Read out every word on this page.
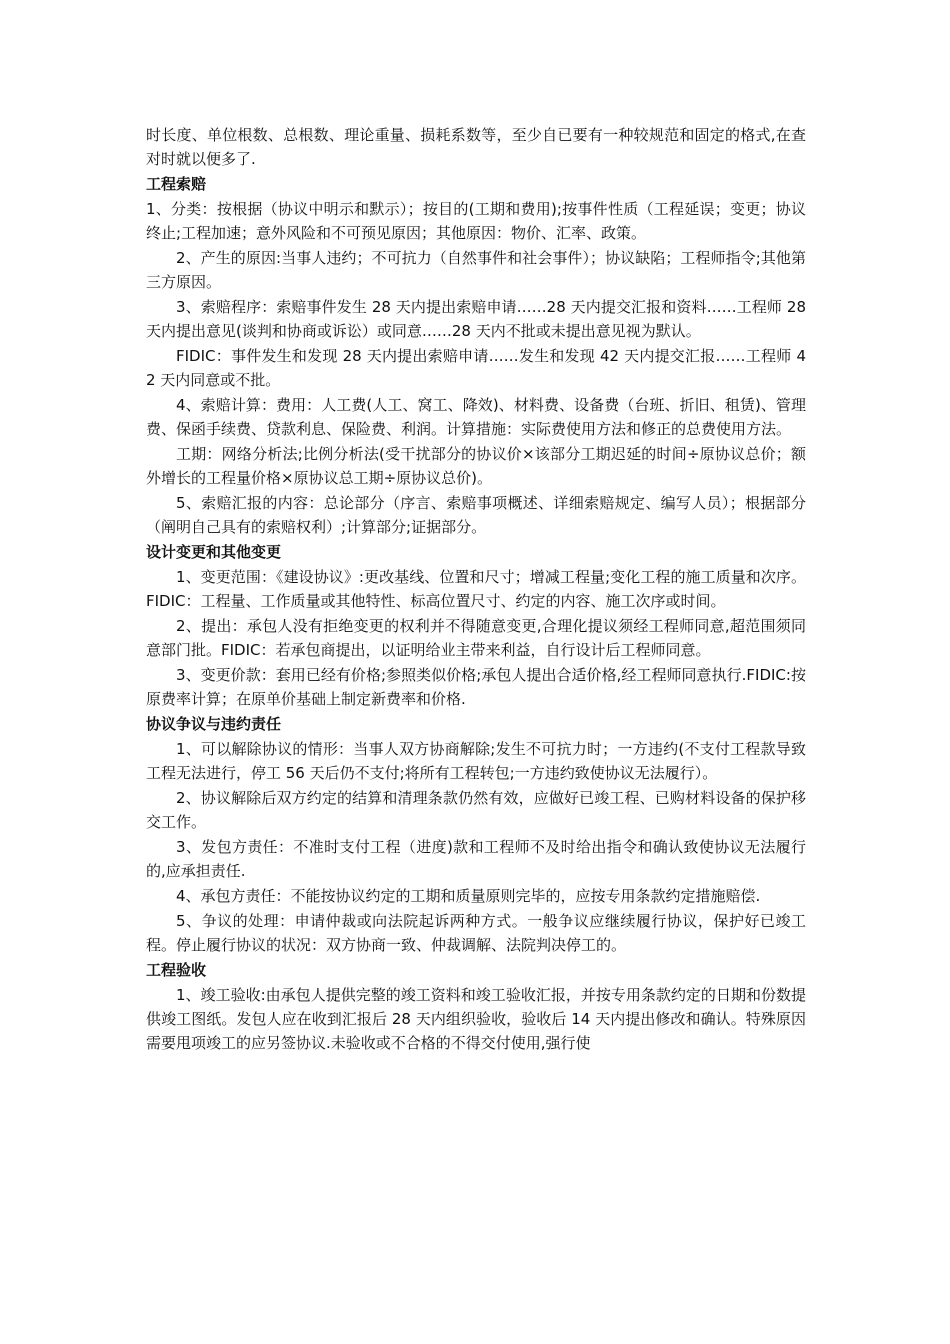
时长度、单位根数、总根数、理论重量、损耗系数等，至少自已要有一种较规范和固定的格式,在查对时就以便多了.

工程索赔

1、分类：按根据（协议中明示和默示）；按目的(工期和费用);按事件性质（工程延误；变更；协议终止;工程加速；意外风险和不可预见原因；其他原因：物价、汇率、政策。

2、产生的原因:当事人违约；不可抗力（自然事件和社会事件）；协议缺陷；工程师指令;其他第三方原因。

3、索赔程序：索赔事件发生 28 天内提出索赔申请……28 天内提交汇报和资料……工程师 28 天内提出意见(谈判和协商或诉讼）或同意……28 天内不批或未提出意见视为默认。

FIDIC：事件发生和发现 28 天内提出索赔申请……发生和发现 42 天内提交汇报……工程师 42 天内同意或不批。

4、索赔计算：费用：人工费(人工、窝工、降效)、材料费、设备费（台班、折旧、租赁)、管理费、保函手续费、贷款利息、保险费、利润。计算措施：实际费使用方法和修正的总费使用方法。

工期：网络分析法;比例分析法(受干扰部分的协议价×该部分工期迟延的时间÷原协议总价；额外增长的工程量价格×原协议总工期÷原协议总价)。

5、索赔汇报的内容：总论部分（序言、索赔事项概述、详细索赔规定、编写人员）；根据部分（阐明自己具有的索赔权利）;计算部分;证据部分。

设计变更和其他变更

1、变更范围：《建设协议》:更改基线、位置和尺寸；增减工程量;变化工程的施工质量和次序。FIDIC：工程量、工作质量或其他特性、标高位置尺寸、约定的内容、施工次序或时间。

2、提出：承包人没有拒绝变更的权利并不得随意变更,合理化提议须经工程师同意,超范围须同意部门批。FIDIC：若承包商提出，以证明给业主带来利益，自行设计后工程师同意。

3、变更价款：套用已经有价格;参照类似价格;承包人提出合适价格,经工程师同意执行.FIDIC:按原费率计算；在原单价基础上制定新费率和价格.

协议争议与违约责任

1、可以解除协议的情形：当事人双方协商解除;发生不可抗力时；一方违约(不支付工程款导致工程无法进行，停工 56 天后仍不支付;将所有工程转包;一方违约致使协议无法履行）。

2、协议解除后双方约定的结算和清理条款仍然有效，应做好已竣工程、已购材料设备的保护移交工作。

3、发包方责任：不准时支付工程（进度)款和工程师不及时给出指令和确认致使协议无法履行的,应承担责任.

4、承包方责任：不能按协议约定的工期和质量原则完毕的，应按专用条款约定措施赔偿.

5、争议的处理：申请仲裁或向法院起诉两种方式。一般争议应继续履行协议，保护好已竣工程。停止履行协议的状况：双方协商一致、仲裁调解、法院判决停工的。

工程验收

1、竣工验收:由承包人提供完整的竣工资料和竣工验收汇报，并按专用条款约定的日期和份数提供竣工图纸。发包人应在收到汇报后 28 天内组织验收，验收后 14 天内提出修改和确认。特殊原因需要甩项竣工的应另签协议.未验收或不合格的不得交付使用,强行使
